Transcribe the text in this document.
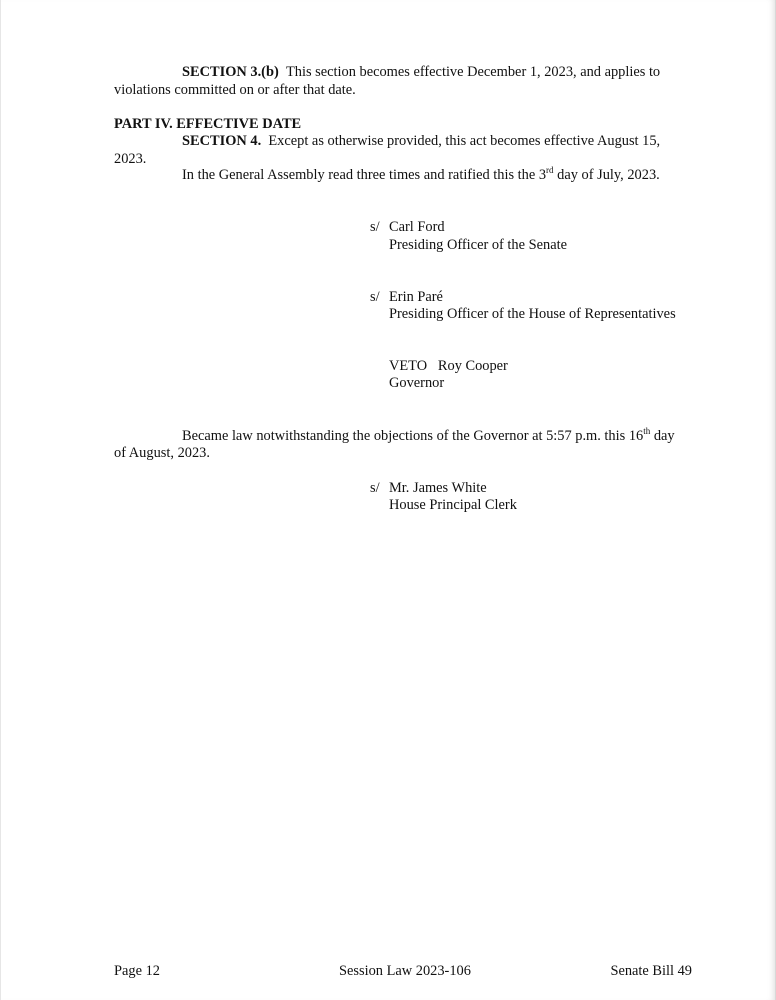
SECTION 3.(b) This section becomes effective December 1, 2023, and applies to
violations committed on or after that date.
PART IV. EFFECTIVE DATE
SECTION 4. Except as otherwise provided, this act becomes effective August 15,
2023.
In the General Assembly read three times and ratified this the 3rd day of July, 2023.
s/ Carl Ford
Presiding Officer of the Senate
s/ Erin Paré
Presiding Officer of the House of Representatives
VETO   Roy Cooper
Governor
Became law notwithstanding the objections of the Governor at 5:57 p.m. this 16th day
of August, 2023.
s/ Mr. James White
House Principal Clerk
Page 12	Session Law 2023-106	Senate Bill 49
